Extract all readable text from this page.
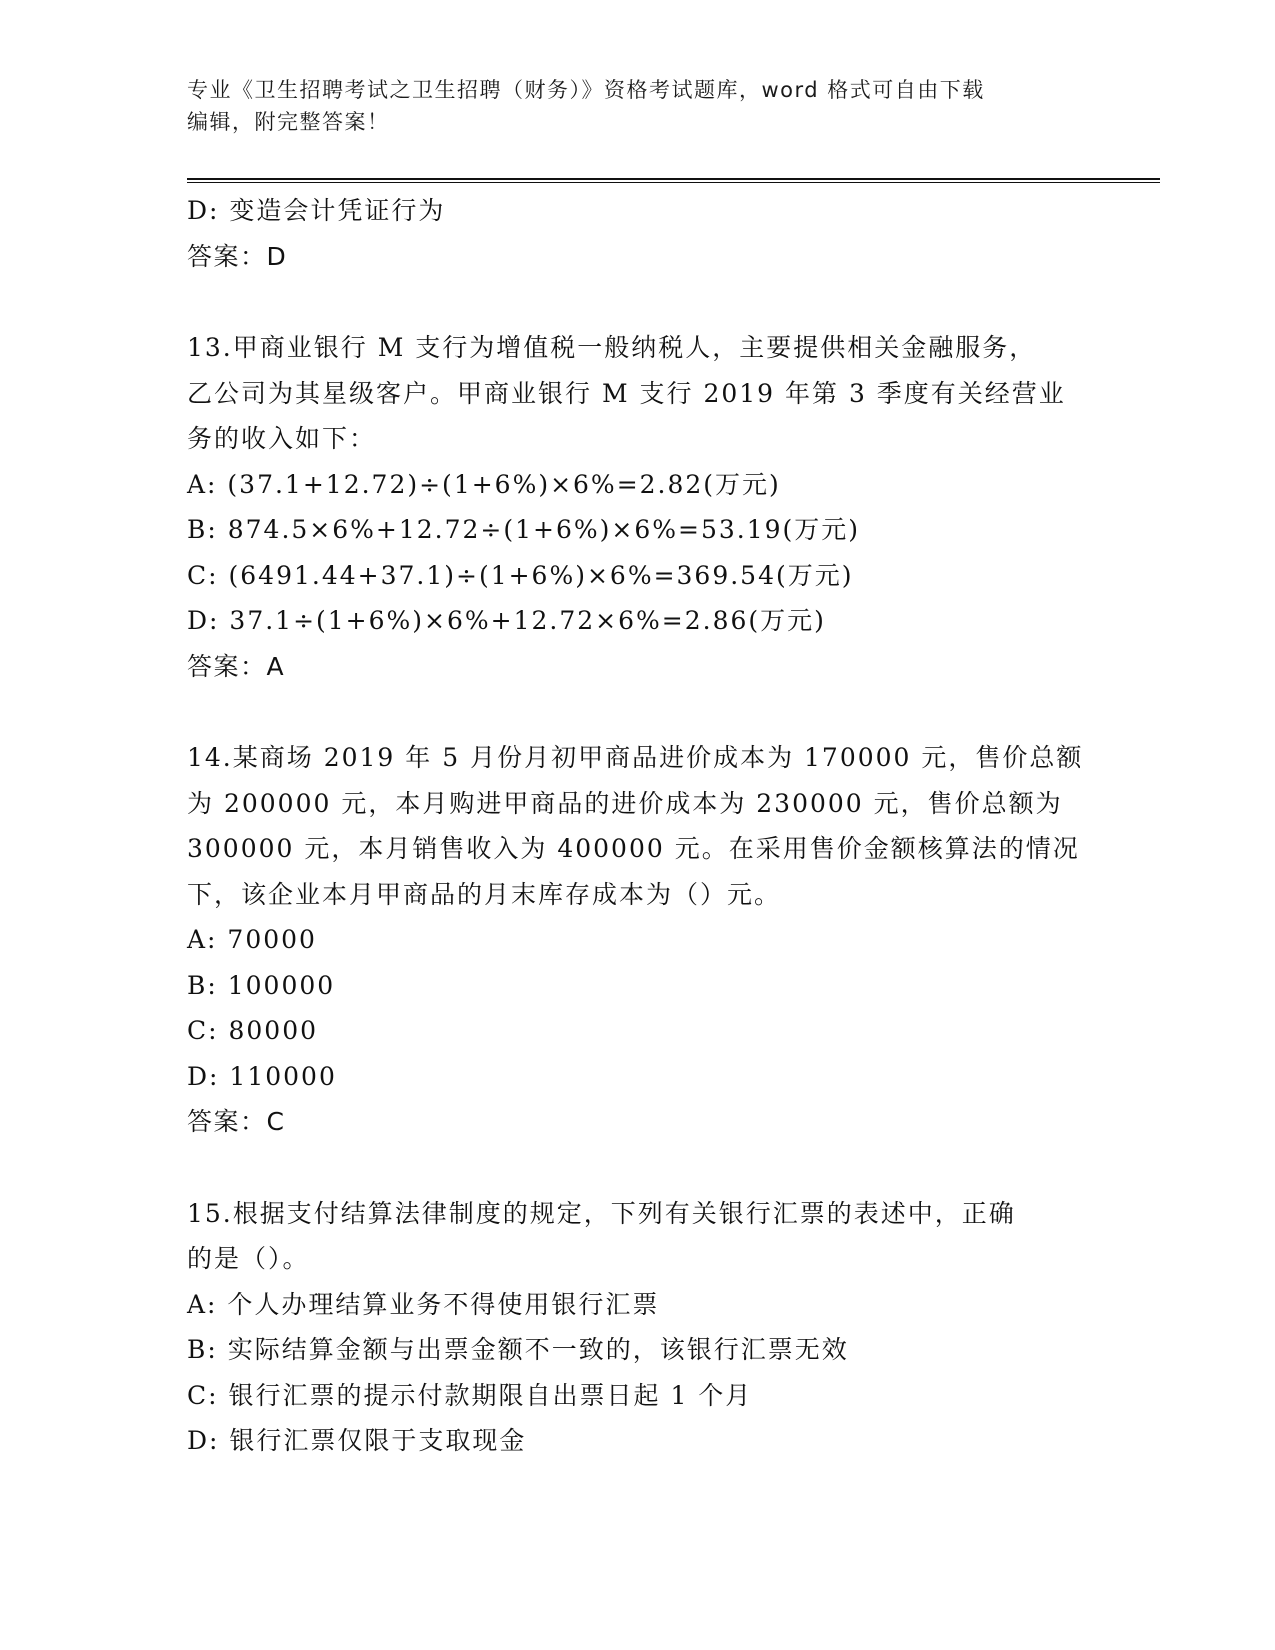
专业《卫生招聘考试之卫生招聘（财务）》资格考试题库，word 格式可自由下载
编辑，附完整答案！
D: 变造会计凭证行为
答案：D
13.甲商业银行 M 支行为增值税一般纳税人，主要提供相关金融服务，
乙公司为其星级客户。甲商业银行 M 支行 2019 年第 3 季度有关经营业
务的收入如下：
A: (37.1+12.72)÷(1+6%)×6%=2.82(万元)
B: 874.5×6%+12.72÷(1+6%)×6%=53.19(万元)
C: (6491.44+37.1)÷(1+6%)×6%=369.54(万元)
D: 37.1÷(1+6%)×6%+12.72×6%=2.86(万元)
答案：A
14.某商场 2019 年 5 月份月初甲商品进价成本为 170000 元，售价总额
为 200000 元，本月购进甲商品的进价成本为 230000 元，售价总额为
300000 元，本月销售收入为 400000 元。在采用售价金额核算法的情况
下，该企业本月甲商品的月末库存成本为（）元。
A: 70000
B: 100000
C: 80000
D: 110000
答案：C
15.根据支付结算法律制度的规定，下列有关银行汇票的表述中，正确
的是（）。
A: 个人办理结算业务不得使用银行汇票
B: 实际结算金额与出票金额不一致的，该银行汇票无效
C: 银行汇票的提示付款期限自出票日起 1 个月
D: 银行汇票仅限于支取现金
